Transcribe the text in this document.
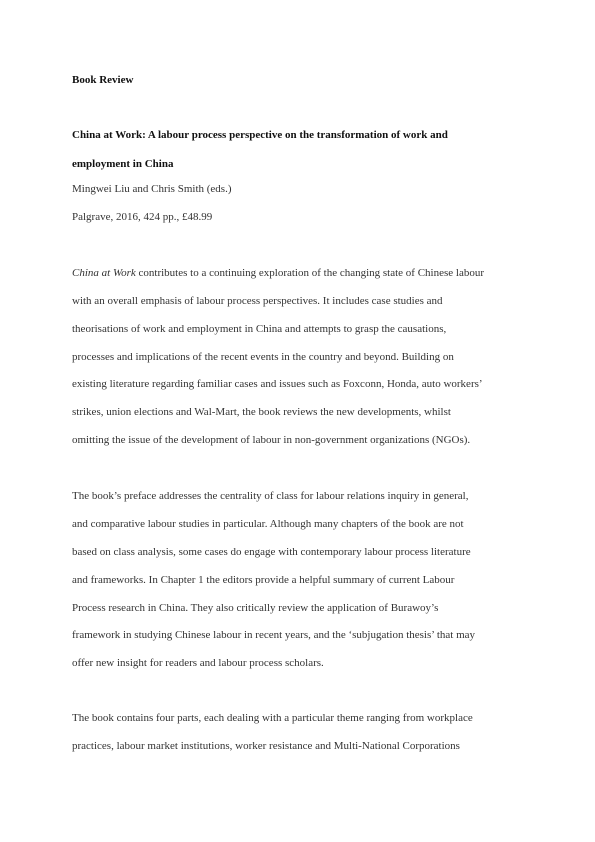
Book Review
China at Work: A labour process perspective on the transformation of work and
employment in China
Mingwei Liu and Chris Smith (eds.)
Palgrave, 2016, 424 pp., £48.99
China at Work contributes to a continuing exploration of the changing state of Chinese labour
with an overall emphasis of labour process perspectives. It includes case studies and
theorisations of work and employment in China and attempts to grasp the causations,
processes and implications of the recent events in the country and beyond. Building on
existing literature regarding familiar cases and issues such as Foxconn, Honda, auto workers’
strikes, union elections and Wal-Mart, the book reviews the new developments, whilst
omitting the issue of the development of labour in non-government organizations (NGOs).
The book’s preface addresses the centrality of class for labour relations inquiry in general,
and comparative labour studies in particular. Although many chapters of the book are not
based on class analysis, some cases do engage with contemporary labour process literature
and frameworks. In Chapter 1 the editors provide a helpful summary of current Labour
Process research in China. They also critically review the application of Burawoy’s
framework in studying Chinese labour in recent years, and the ‘subjugation thesis’ that may
offer new insight for readers and labour process scholars.
The book contains four parts, each dealing with a particular theme ranging from workplace
practices, labour market institutions, worker resistance and Multi-National Corporations
